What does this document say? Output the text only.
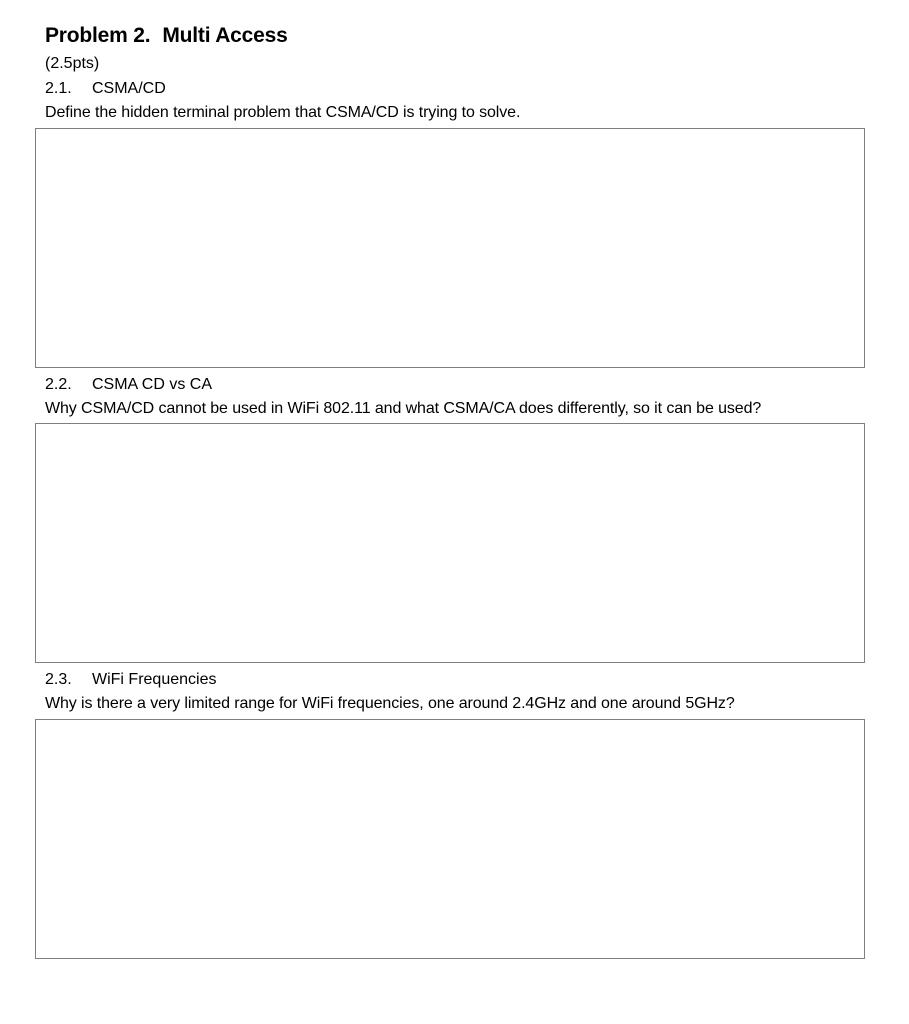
Problem 2. Multi Access
(2.5pts)
2.1. CSMA/CD
Define the hidden terminal problem that CSMA/CD is trying to solve.
2.2. CSMA CD vs CA
Why CSMA/CD cannot be used in WiFi 802.11 and what CSMA/CA does differently, so it can be used?
2.3. WiFi Frequencies
Why is there a very limited range for WiFi frequencies, one around 2.4GHz and one around 5GHz?
